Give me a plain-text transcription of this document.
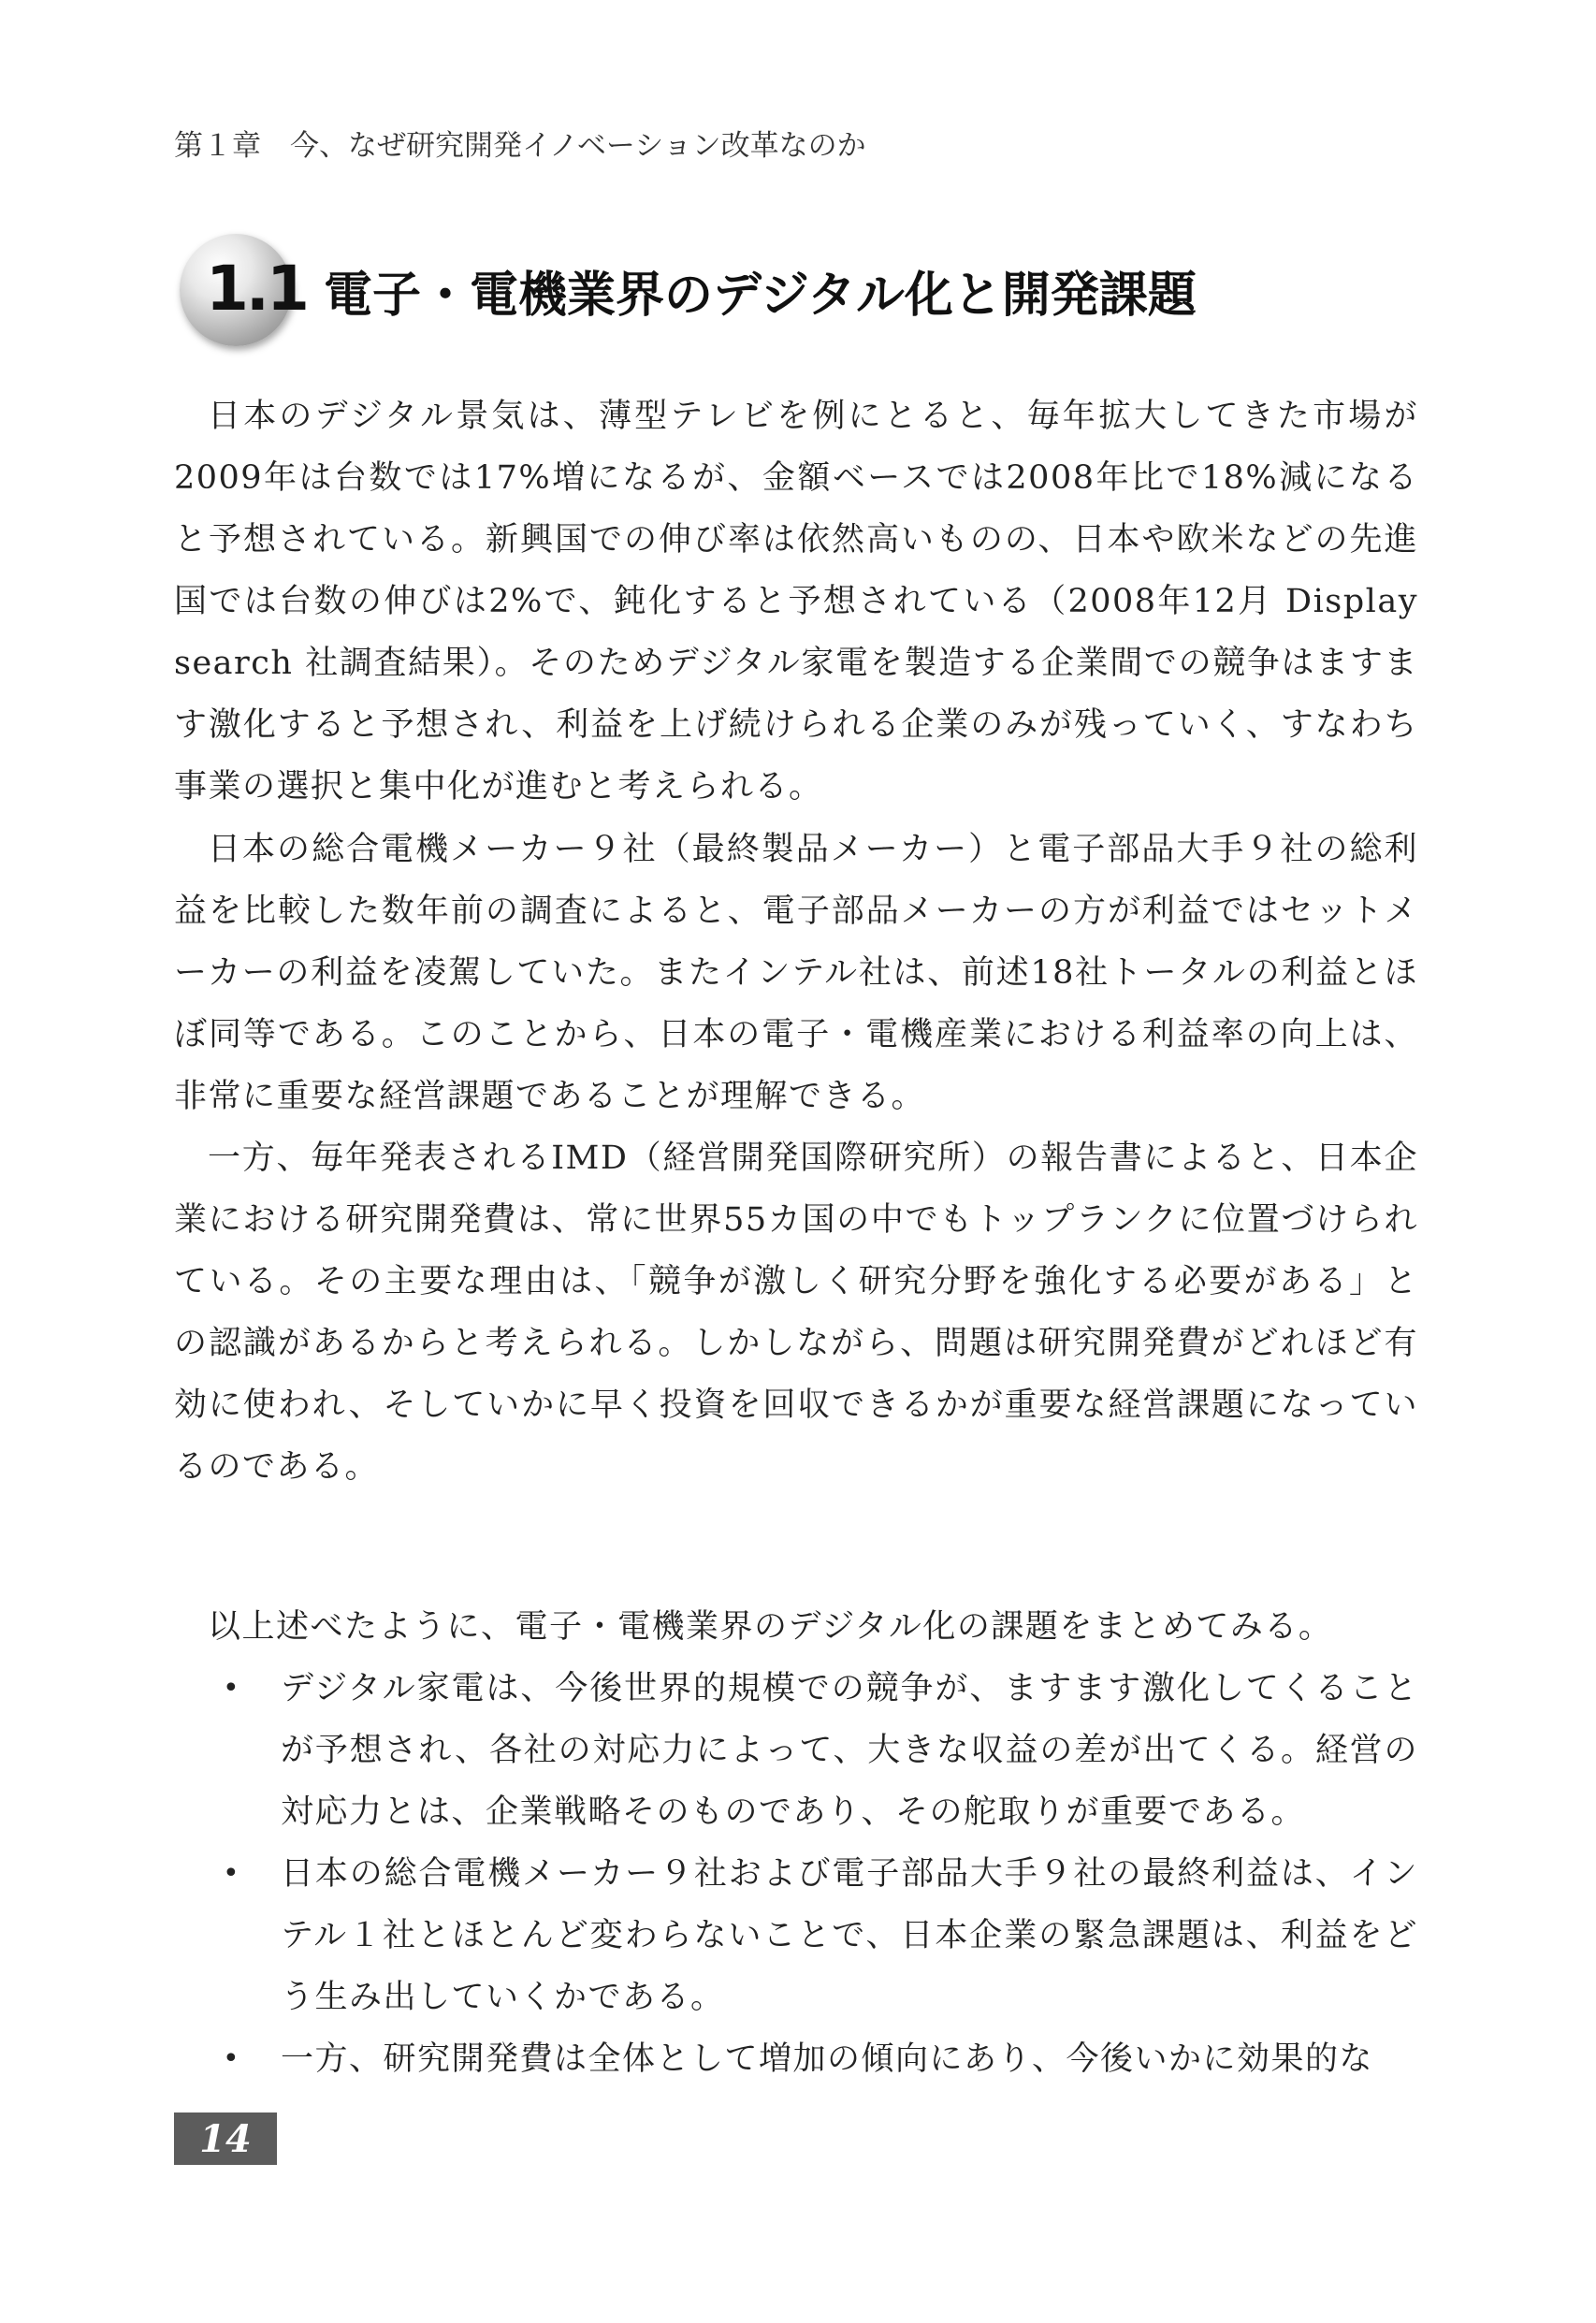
第１章　今、なぜ研究開発イノベーション改革なのか
1.1 電子・電機業界のデジタル化と開発課題

日本のデジタル景気は、薄型テレビを例にとると、毎年拡大してきた市場が2009年は台数では17%増になるが、金額ベースでは2008年比で18%減になると予想されている。新興国での伸び率は依然高いものの、日本や欧米などの先進国では台数の伸びは2%で、鈍化すると予想されている（2008年12月 Display search 社調査結果）。そのためデジタル家電を製造する企業間での競争はますます激化すると予想され、利益を上げ続けられる企業のみが残っていく、すなわち事業の選択と集中化が進むと考えられる。

日本の総合電機メーカー９社（最終製品メーカー）と電子部品大手９社の総利益を比較した数年前の調査によると、電子部品メーカーの方が利益ではセットメーカーの利益を凌駕していた。またインテル社は、前述18社トータルの利益とほぼ同等である。このことから、日本の電子・電機産業における利益率の向上は、非常に重要な経営課題であることが理解できる。

一方、毎年発表されるIMD（経営開発国際研究所）の報告書によると、日本企業における研究開発費は、常に世界55カ国の中でもトップランクに位置づけられている。その主要な理由は、「競争が激しく研究分野を強化する必要がある」との認識があるからと考えられる。しかしながら、問題は研究開発費がどれほど有効に使われ、そしていかに早く投資を回収できるかが重要な経営課題になっているのである。

以上述べたように、電子・電機業界のデジタル化の課題をまとめてみる。
• デジタル家電は、今後世界的規模での競争が、ますます激化してくることが予想され、各社の対応力によって、大きな収益の差が出てくる。経営の対応力とは、企業戦略そのものであり、その舵取りが重要である。
• 日本の総合電機メーカー９社および電子部品大手９社の最終利益は、インテル１社とほとんど変わらないことで、日本企業の緊急課題は、利益をどう生み出していくかである。
• 一方、研究開発費は全体として増加の傾向にあり、今後いかに効果的な
14
